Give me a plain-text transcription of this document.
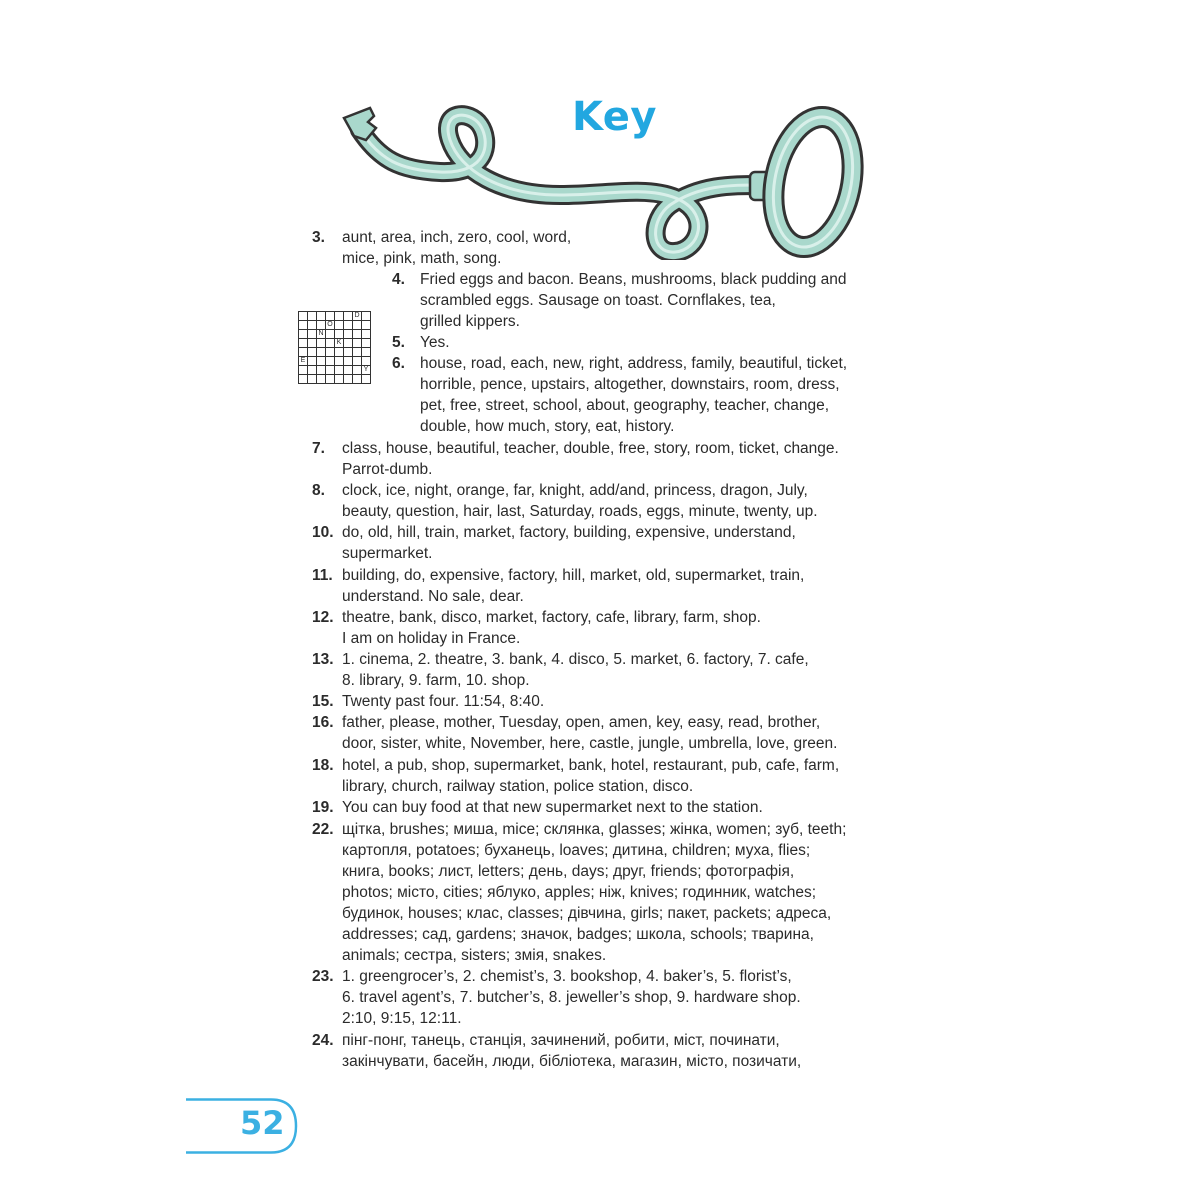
Key
						D	
			O				
		N					
				K			

E							
							Y

3. aunt, area, inch, zero, cool, word,
mice, pink, math, song.
4. Fried eggs and bacon. Beans, mushrooms, black pudding and
scrambled eggs. Sausage on toast. Cornflakes, tea,
grilled kippers.
5. Yes.
6. house, road, each, new, right, address, family, beautiful, ticket,
horrible, pence, upstairs, altogether, downstairs, room, dress,
pet, free, street, school, about, geography, teacher, change,
double, how much, story, eat, history.
7. class, house, beautiful, teacher, double, free, story, room, ticket, change.
Parrot-dumb.
8. clock, ice, night, orange, far, knight, add/and, princess, dragon, July,
beauty, question, hair, last, Saturday, roads, eggs, minute, twenty, up.
10. do, old, hill, train, market, factory, building, expensive, understand,
supermarket.
11. building, do, expensive, factory, hill, market, old, supermarket, train,
understand. No sale, dear.
12. theatre, bank, disco, market, factory, cafe, library, farm, shop.
I am on holiday in France.
13. 1. cinema, 2. theatre, 3. bank, 4. disco, 5. market, 6. factory, 7. cafe,
8. library, 9. farm, 10. shop.
15. Twenty past four. 11:54, 8:40.
16. father, please, mother, Tuesday, open, amen, key, easy, read, brother,
door, sister, white, November, here, castle, jungle, umbrella, love, green.
18. hotel, a pub, shop, supermarket, bank, hotel, restaurant, pub, cafe, farm,
library, church, railway station, police station, disco.
19. You can buy food at that new supermarket next to the station.
22. щітка, brushes; миша, mice; склянка, glasses; жінка, women; зуб, teeth;
картопля, potatoes; буханець, loaves; дитина, children; муха, flies;
книга, books; лист, letters; день, days; друг, friends; фотографія,
photos; місто, cities; яблуко, apples; ніж, knives; годинник, watches;
будинок, houses; клас, classes; дівчина, girls; пакет, packets; адреса,
addresses; сад, gardens; значок, badges; школа, schools; тварина,
animals; сестра, sisters; змія, snakes.
23. 1. greengrocer’s, 2. chemist’s, 3. bookshop, 4. baker’s, 5. florist’s,
6. travel agent’s, 7. butcher’s, 8. jeweller’s shop, 9. hardware shop.
2:10, 9:15, 12:11.
24. пінг-понг, танець, станція, зачинений, робити, міст, починати,
закінчувати, басейн, люди, бібліотека, магазин, місто, позичати,
52
